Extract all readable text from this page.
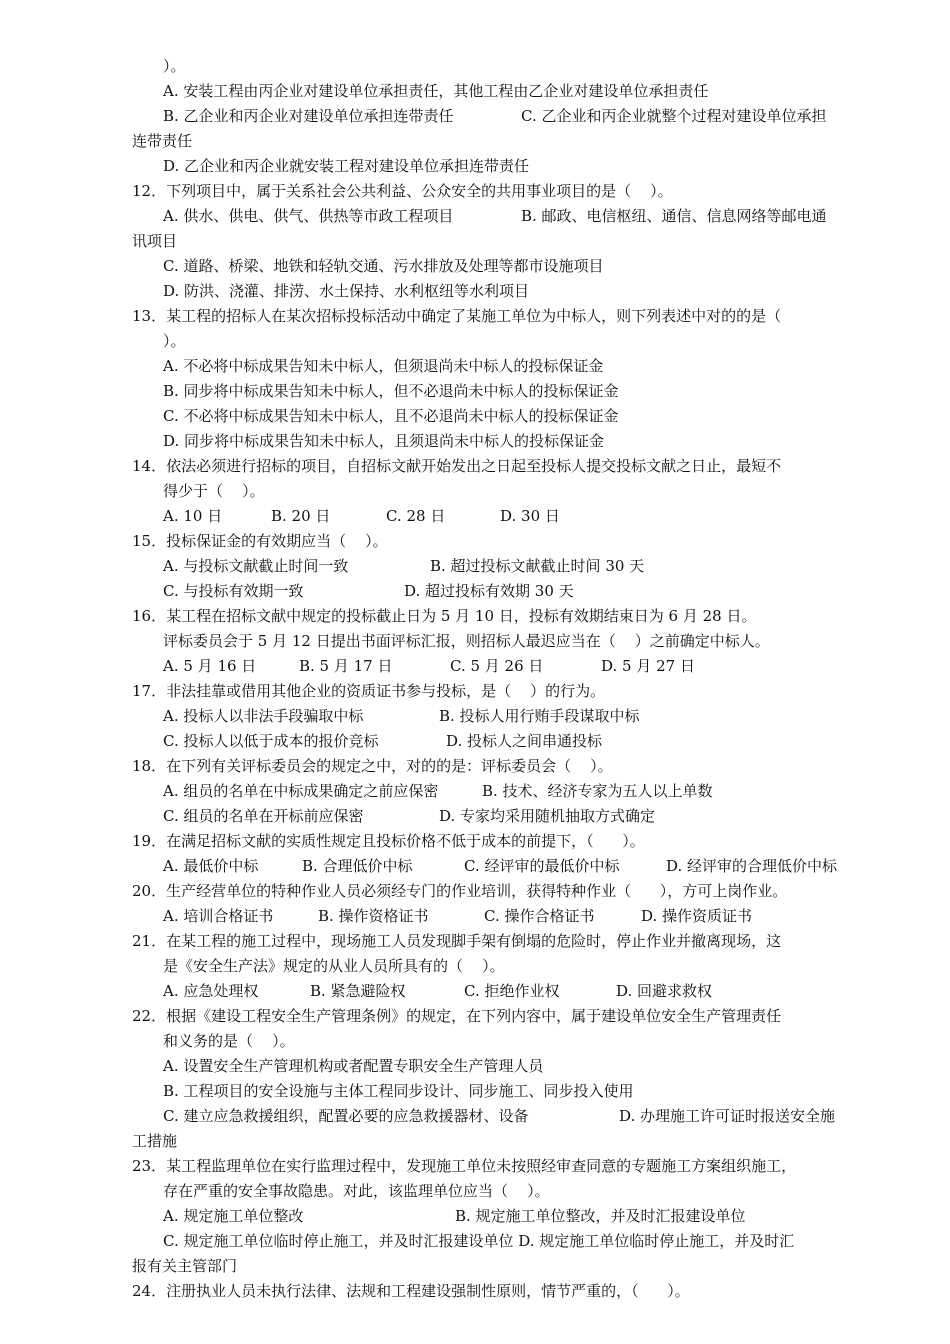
）。
A. 安装工程由丙企业对建设单位承担责任，其他工程由乙企业对建设单位承担责任
B. 乙企业和丙企业对建设单位承担连带责任	C. 乙企业和丙企业就整个过程对建设单位承担
连带责任
D. 乙企业和丙企业就安装工程对建设单位承担连带责任
12．下列项目中，属于关系社会公共利益、公众安全的共用事业项目的是（    ）。
A. 供水、供电、供气、供热等市政工程项目	B. 邮政、电信枢纽、通信、信息网络等邮电通
讯项目
C. 道路、桥梁、地铁和轻轨交通、污水排放及处理等都市设施项目
D. 防洪、浇灌、排涝、水土保持、水利枢纽等水利项目
13．某工程的招标人在某次招标投标活动中确定了某施工单位为中标人，则下列表述中对的的是（
）。
A. 不必将中标成果告知未中标人，但须退尚未中标人的投标保证金
B. 同步将中标成果告知未中标人，但不必退尚未中标人的投标保证金
C. 不必将中标成果告知未中标人，且不必退尚未中标人的投标保证金
D. 同步将中标成果告知未中标人，且须退尚未中标人的投标保证金
14．依法必须进行招标的项目，自招标文献开始发出之日起至投标人提交投标文献之日止，最短不
得少于（    ）。
A. 10 日	B. 20 日	C. 28 日	D. 30 日
15．投标保证金的有效期应当（    ）。
A. 与投标文献截止时间一致	B. 超过投标文献截止时间 30 天
C. 与投标有效期一致	D. 超过投标有效期 30 天
16．某工程在招标文献中规定的投标截止日为 5 月 10 日，投标有效期结束日为 6 月 28 日。
评标委员会于 5 月 12 日提出书面评标汇报，则招标人最迟应当在（    ）之前确定中标人。
A. 5 月 16 日	B. 5 月 17 日	C. 5 月 26 日	D. 5 月 27 日
17．非法挂靠或借用其他企业的资质证书参与投标，是（    ）的行为。
A. 投标人以非法手段骗取中标	B. 投标人用行贿手段谋取中标
C. 投标人以低于成本的报价竞标	D. 投标人之间串通投标
18．在下列有关评标委员会的规定之中，对的的是：评标委员会（    ）。
A. 组员的名单在中标成果确定之前应保密	B. 技术、经济专家为五人以上单数
C. 组员的名单在开标前应保密	D. 专家均采用随机抽取方式确定
19．在满足招标文献的实质性规定且投标价格不低于成本的前提下，（      ）。
A. 最低价中标	B. 合理低价中标	C. 经评审的最低价中标	D. 经评审的合理低价中标
20．生产经营单位的特种作业人员必须经专门的作业培训，获得特种作业（      ），方可上岗作业。
A. 培训合格证书	B. 操作资格证书	C. 操作合格证书	D. 操作资质证书
21．在某工程的施工过程中，现场施工人员发现脚手架有倒塌的危险时，停止作业并撤离现场，这
是《安全生产法》规定的从业人员所具有的（    ）。
A. 应急处理权	B. 紧急避险权	C. 拒绝作业权	D. 回避求救权
22．根据《建设工程安全生产管理条例》的规定，在下列内容中，属于建设单位安全生产管理责任
和义务的是（    ）。
A. 设置安全生产管理机构或者配置专职安全生产管理人员
B. 工程项目的安全设施与主体工程同步设计、同步施工、同步投入使用
C. 建立应急救援组织，配置必要的应急救援器材、设备	D. 办理施工许可证时报送安全施
工措施
23．某工程监理单位在实行监理过程中，发现施工单位未按照经审查同意的专题施工方案组织施工，
存在严重的安全事故隐患。对此，该监理单位应当（    ）。
A. 规定施工单位整改	B. 规定施工单位整改，并及时汇报建设单位
C. 规定施工单位临时停止施工，并及时汇报建设单位 D. 规定施工单位临时停止施工，并及时汇
报有关主管部门
24．注册执业人员未执行法律、法规和工程建设强制性原则，情节严重的，（      ）。
